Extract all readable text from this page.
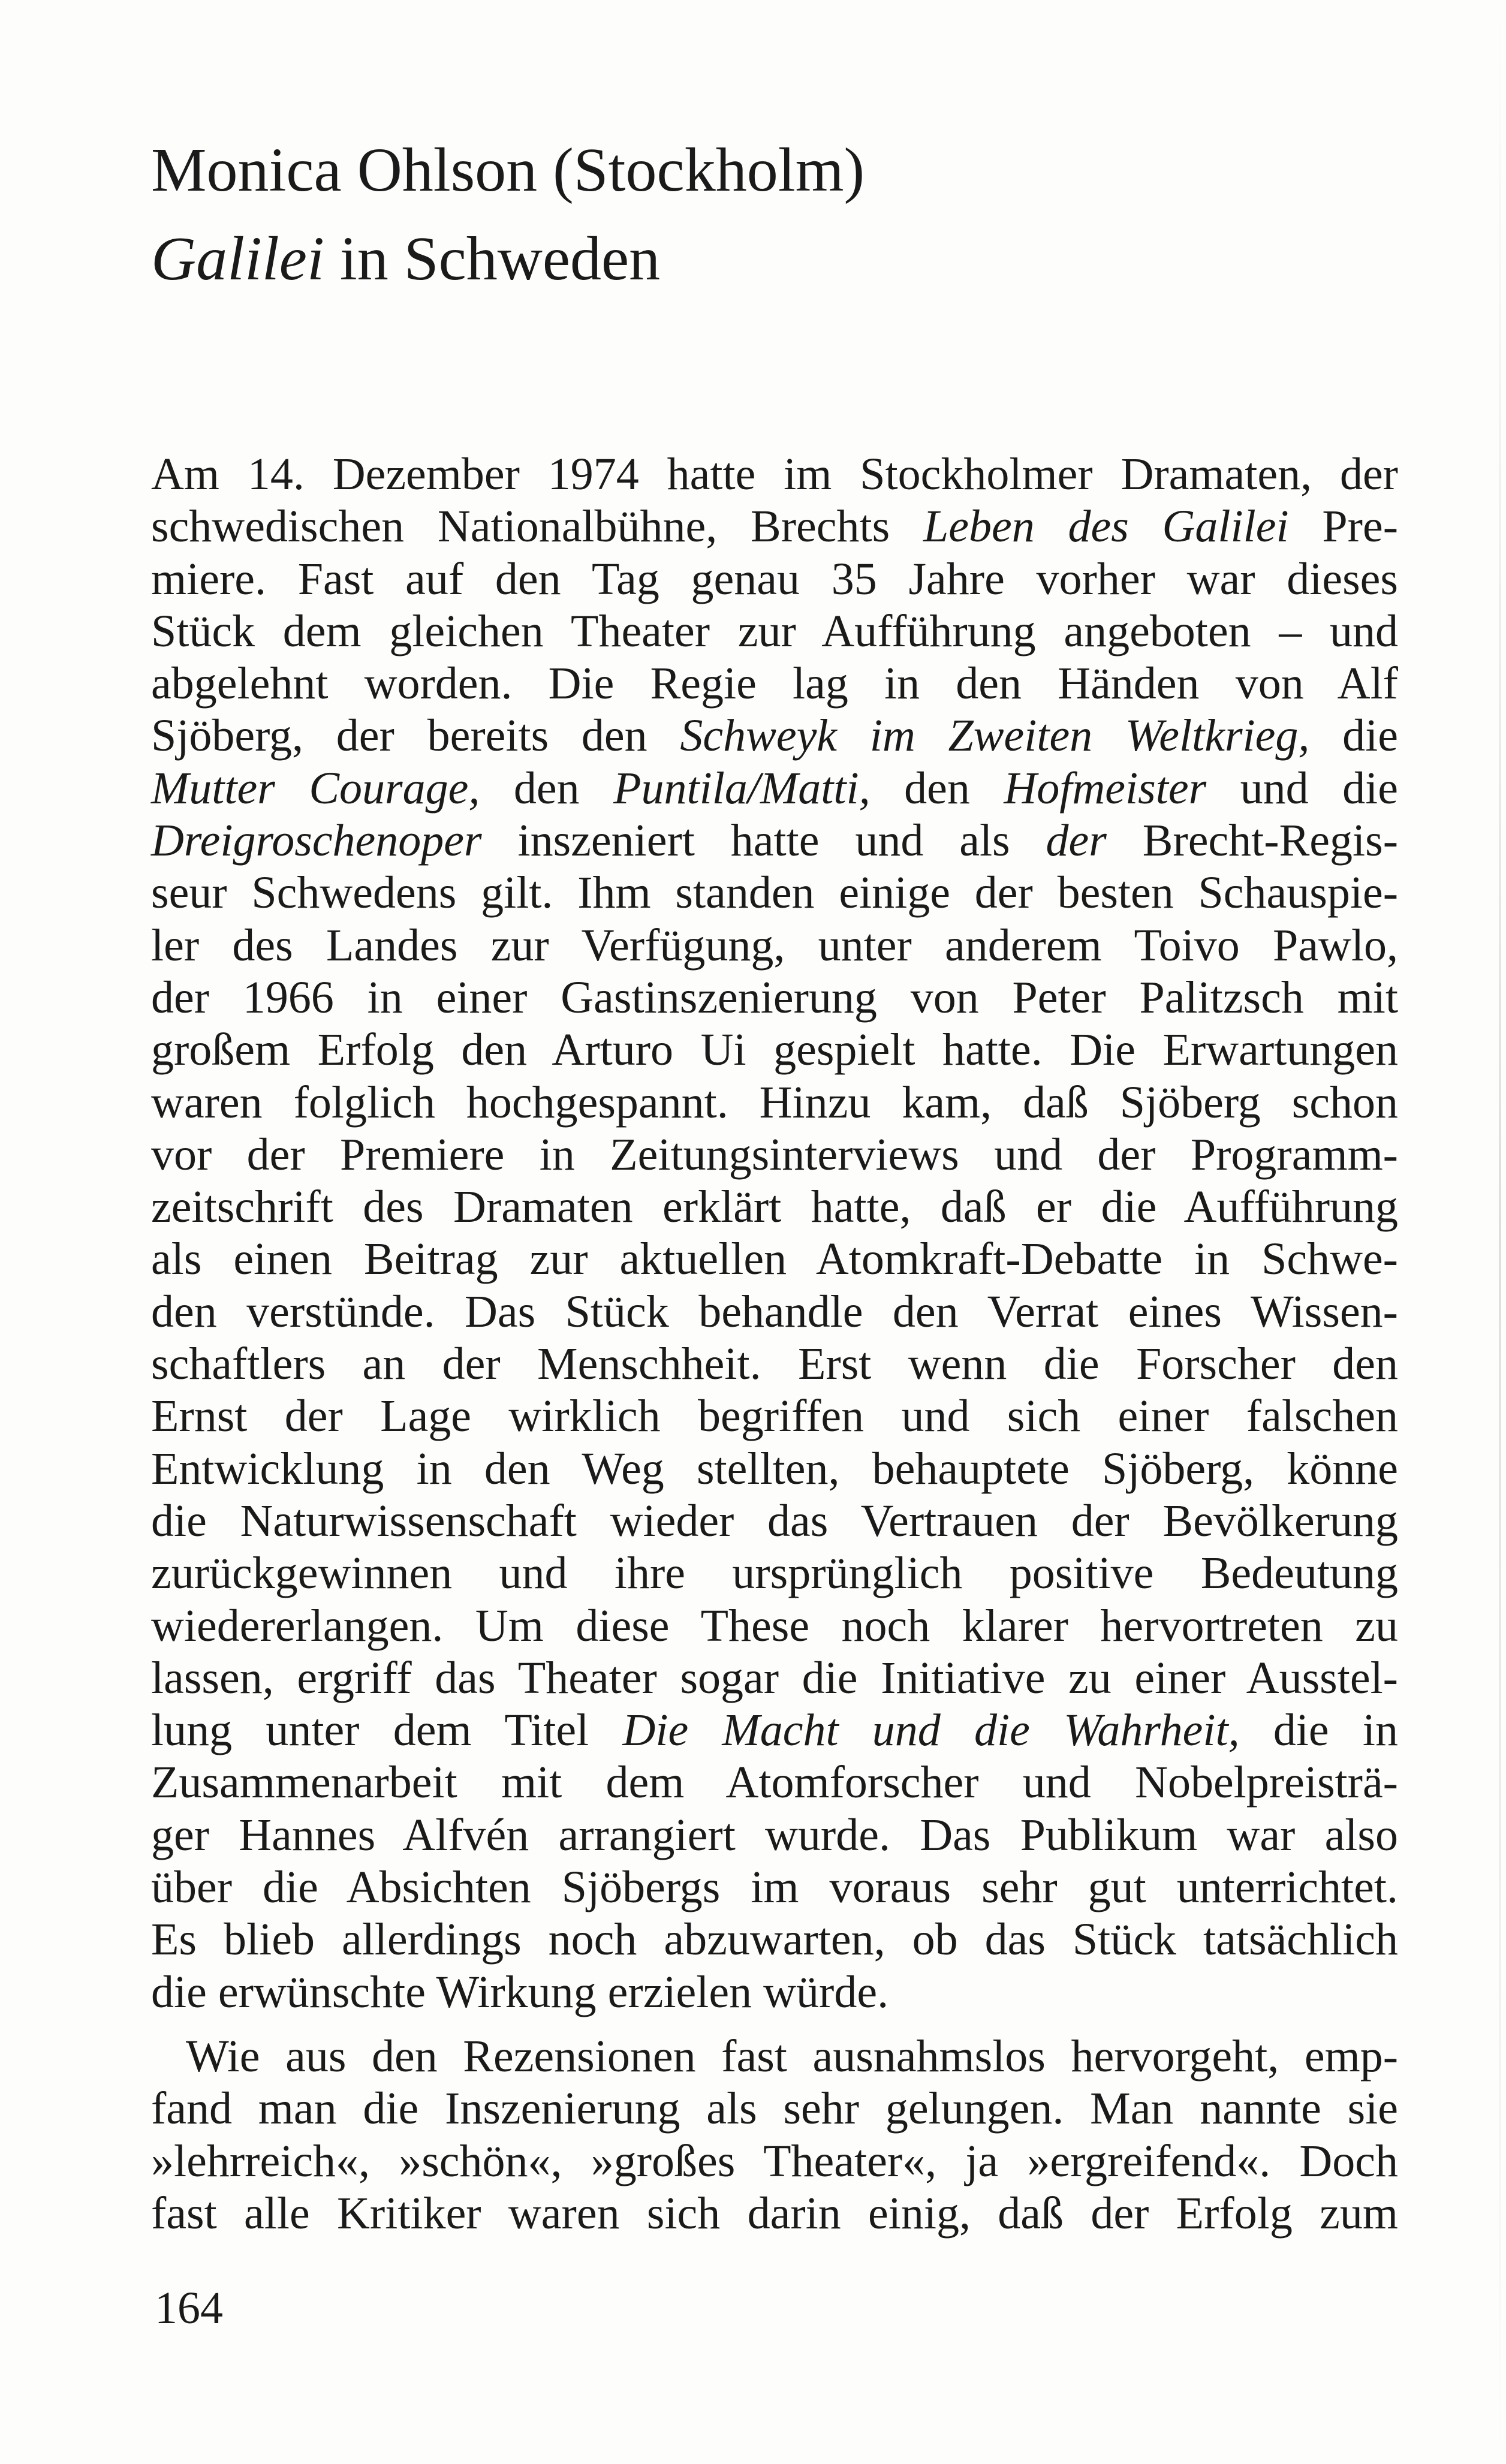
Monica Ohlson (Stockholm)
Galilei in Schweden
Am 14. Dezember 1974 hatte im Stockholmer Dramaten, der
schwedischen Nationalbühne, Brechts Leben des Galilei Pre-
miere. Fast auf den Tag genau 35 Jahre vorher war dieses
Stück dem gleichen Theater zur Aufführung angeboten – und
abgelehnt worden. Die Regie lag in den Händen von Alf
Sjöberg, der bereits den Schweyk im Zweiten Weltkrieg, die
Mutter Courage, den Puntila/Matti, den Hofmeister und die
Dreigroschenoper inszeniert hatte und als der Brecht-Regis-
seur Schwedens gilt. Ihm standen einige der besten Schauspie-
ler des Landes zur Verfügung, unter anderem Toivo Pawlo,
der 1966 in einer Gastinszenierung von Peter Palitzsch mit
großem Erfolg den Arturo Ui gespielt hatte. Die Erwartungen
waren folglich hochgespannt. Hinzu kam, daß Sjöberg schon
vor der Premiere in Zeitungsinterviews und der Programm-
zeitschrift des Dramaten erklärt hatte, daß er die Aufführung
als einen Beitrag zur aktuellen Atomkraft-Debatte in Schwe-
den verstünde. Das Stück behandle den Verrat eines Wissen-
schaftlers an der Menschheit. Erst wenn die Forscher den
Ernst der Lage wirklich begriffen und sich einer falschen
Entwicklung in den Weg stellten, behauptete Sjöberg, könne
die Naturwissenschaft wieder das Vertrauen der Bevölkerung
zurückgewinnen und ihre ursprünglich positive Bedeutung
wiedererlangen. Um diese These noch klarer hervortreten zu
lassen, ergriff das Theater sogar die Initiative zu einer Ausstel-
lung unter dem Titel Die Macht und die Wahrheit, die in
Zusammenarbeit mit dem Atomforscher und Nobelpreisträ-
ger Hannes Alfvén arrangiert wurde. Das Publikum war also
über die Absichten Sjöbergs im voraus sehr gut unterrichtet.
Es blieb allerdings noch abzuwarten, ob das Stück tatsächlich
die erwünschte Wirkung erzielen würde.
Wie aus den Rezensionen fast ausnahmslos hervorgeht, emp-
fand man die Inszenierung als sehr gelungen. Man nannte sie
»lehrreich«, »schön«, »großes Theater«, ja »ergreifend«. Doch
fast alle Kritiker waren sich darin einig, daß der Erfolg zum
164
